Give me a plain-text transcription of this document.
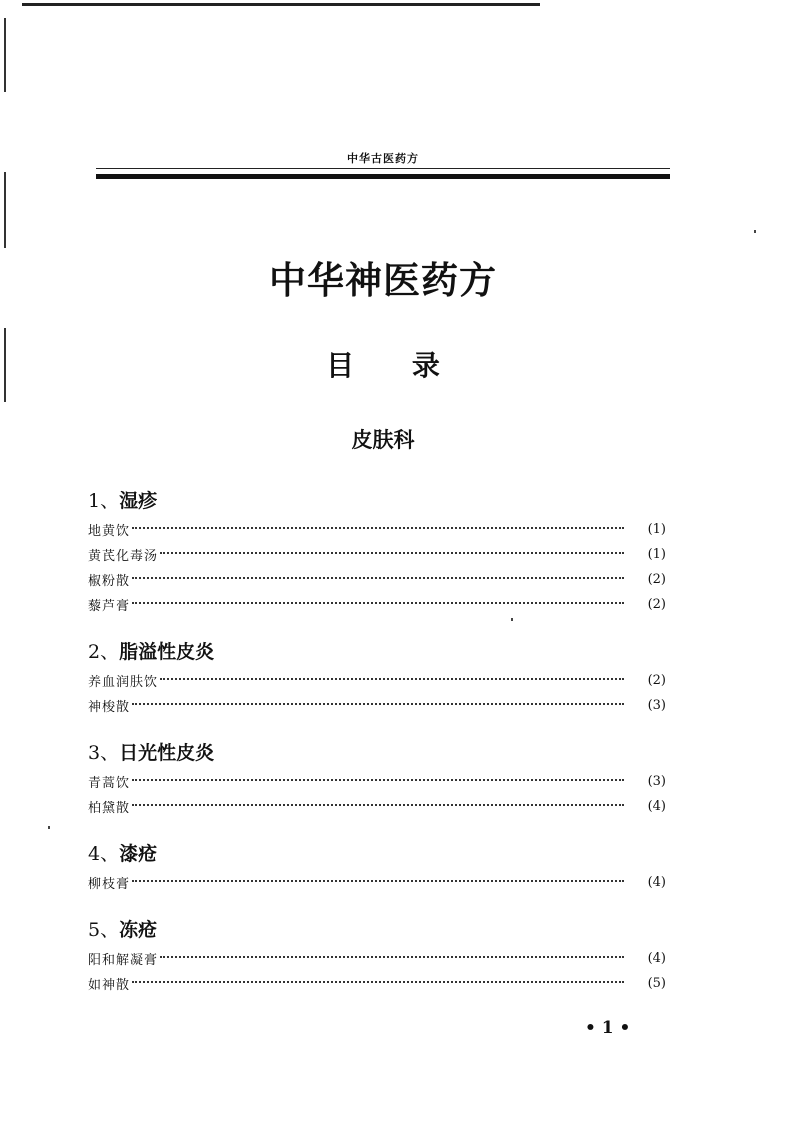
中华古医药方
中华神医药方
目 录
皮肤科
1、湿疹
地黄饮	(1)
黄芪化毒汤	(1)
椒粉散	(2)
藜芦膏	(2)
2、脂溢性皮炎
养血润肤饮	(2)
神梭散	(3)
3、日光性皮炎
青蒿饮	(3)
柏黛散	(4)
4、漆疮
柳枝膏	(4)
5、冻疮
阳和解凝膏	(4)
如神散	(5)
• 1 •
